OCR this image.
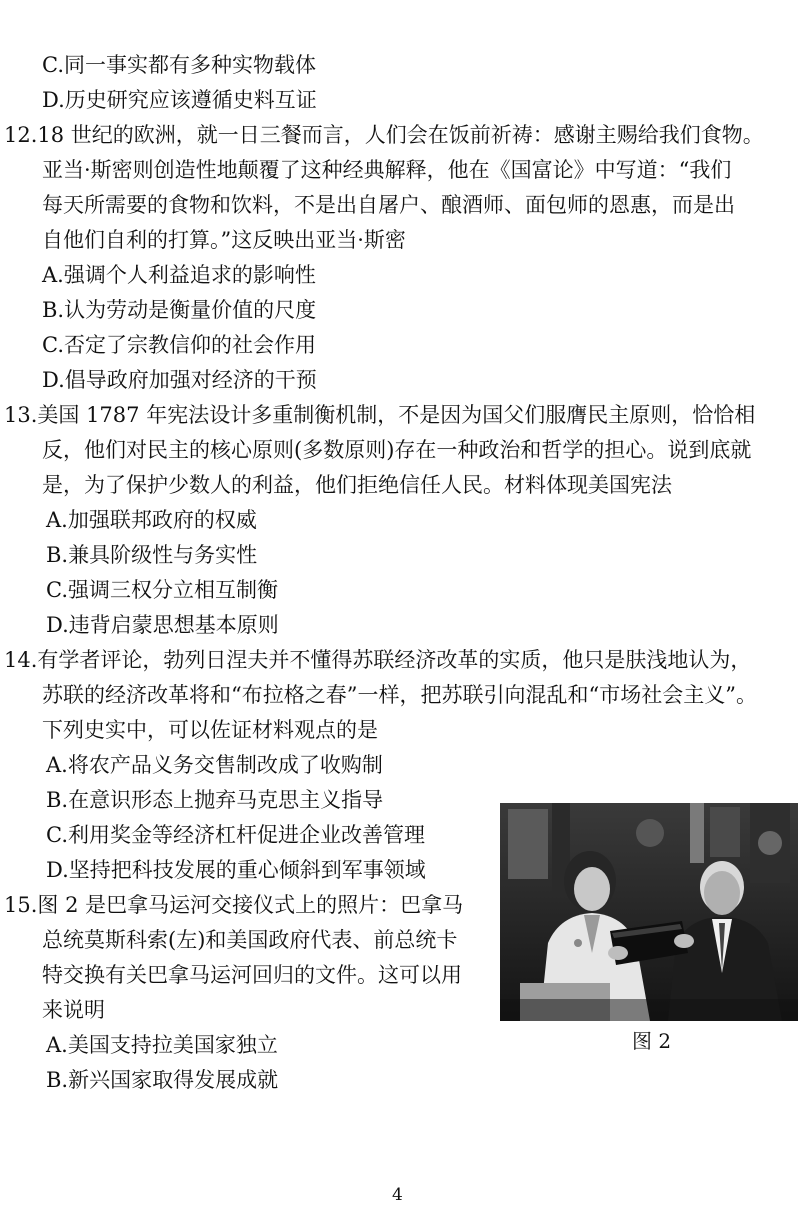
C.同一事实都有多种实物载体
D.历史研究应该遵循史料互证
12.18 世纪的欧洲，就一日三餐而言，人们会在饭前祈祷：感谢主赐给我们食物。
亚当·斯密则创造性地颠覆了这种经典解释，他在《国富论》中写道：“我们
每天所需要的食物和饮料，不是出自屠户、酿酒师、面包师的恩惠，而是出
自他们自利的打算。”这反映出亚当·斯密
A.强调个人利益追求的影响性
B.认为劳动是衡量价值的尺度
C.否定了宗教信仰的社会作用
D.倡导政府加强对经济的干预
13.美国 1787 年宪法设计多重制衡机制，不是因为国父们服膺民主原则，恰恰相
反，他们对民主的核心原则(多数原则)存在一种政治和哲学的担心。说到底就
是，为了保护少数人的利益，他们拒绝信任人民。材料体现美国宪法
A.加强联邦政府的权威
B.兼具阶级性与务实性
C.强调三权分立相互制衡
D.违背启蒙思想基本原则
14.有学者评论，勃列日涅夫并不懂得苏联经济改革的实质，他只是肤浅地认为，
苏联的经济改革将和“布拉格之春”一样，把苏联引向混乱和“市场社会主义”。
下列史实中，可以佐证材料观点的是
A.将农产品义务交售制改成了收购制
B.在意识形态上抛弃马克思主义指导
C.利用奖金等经济杠杆促进企业改善管理
D.坚持把科技发展的重心倾斜到军事领域
15.图 2 是巴拿马运河交接仪式上的照片：巴拿马
总统莫斯科索(左)和美国政府代表、前总统卡
特交换有关巴拿马运河回归的文件。这可以用
来说明
A.美国支持拉美国家独立
B.新兴国家取得发展成就
图 2
4
